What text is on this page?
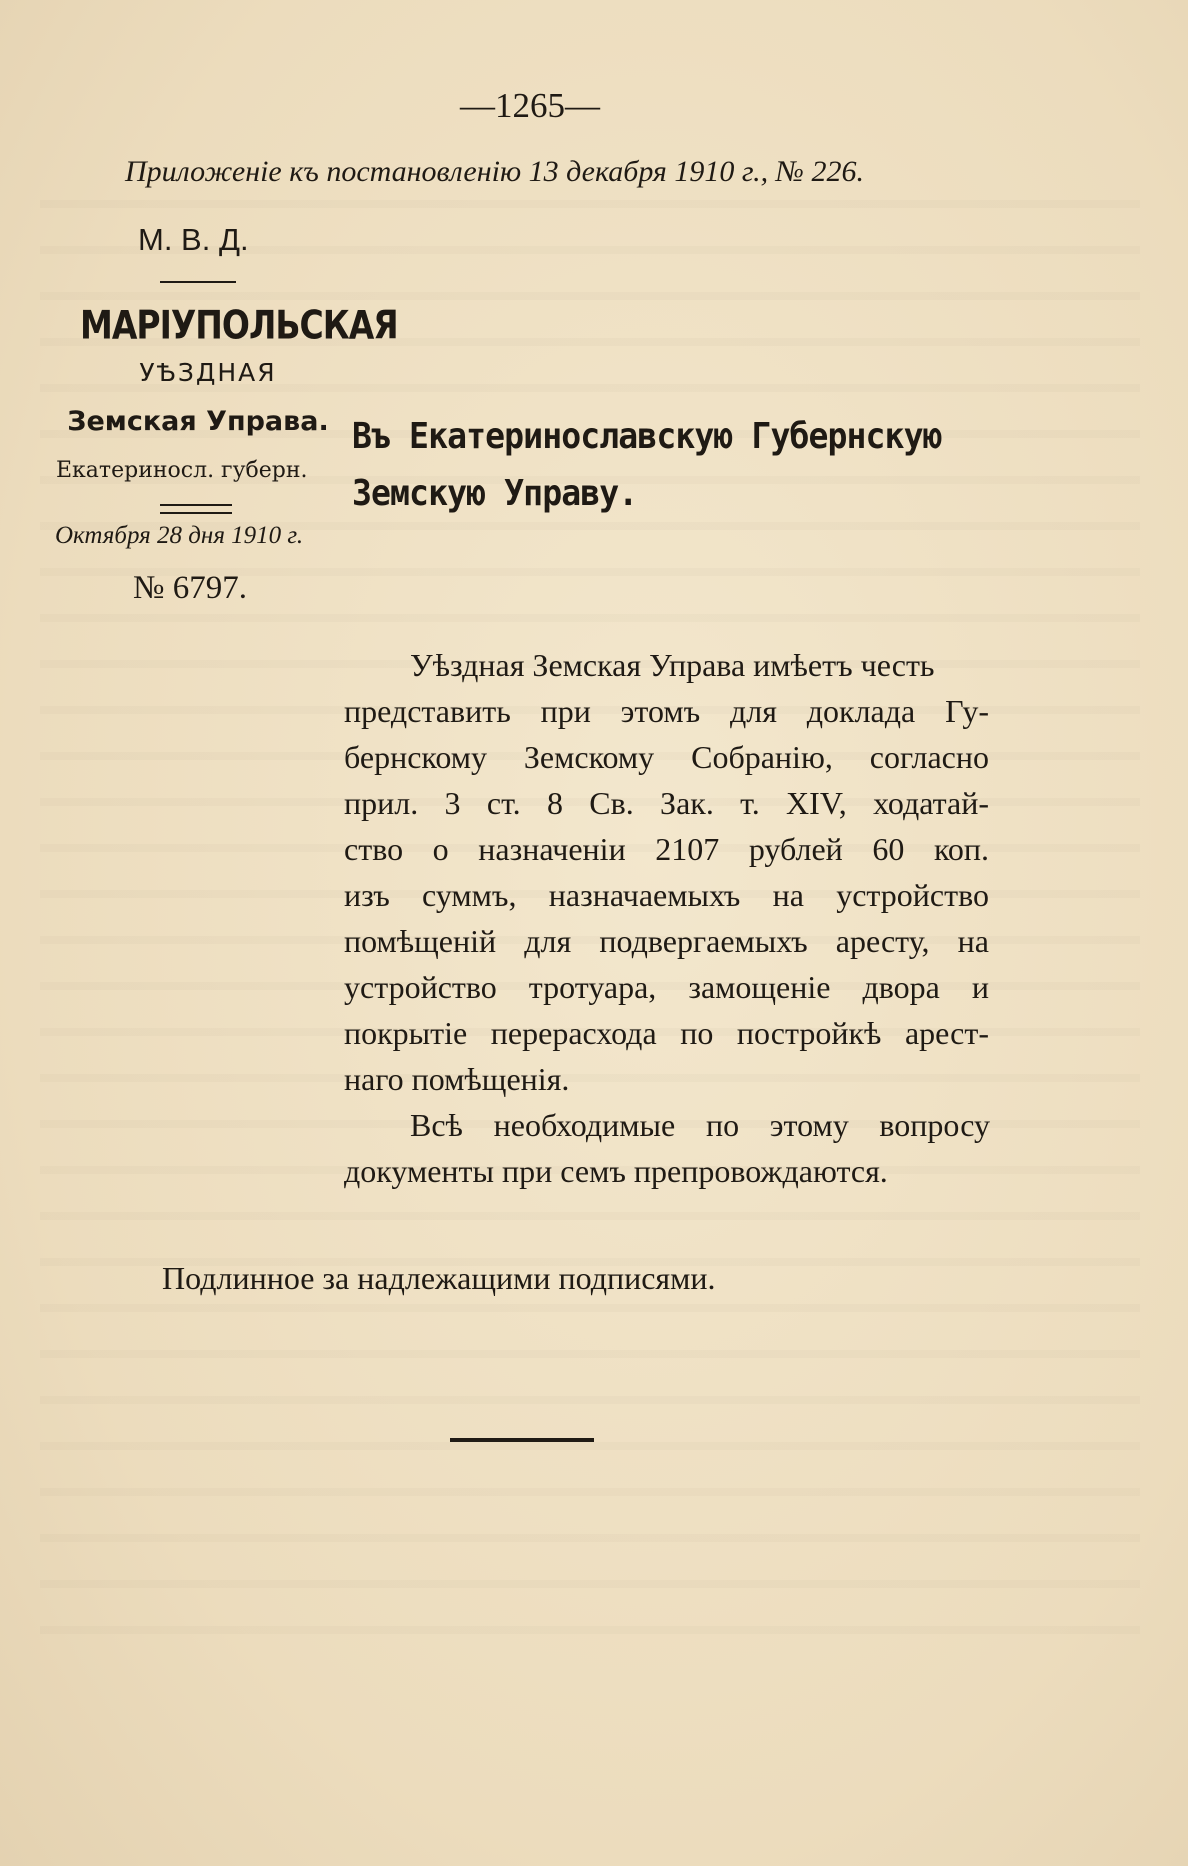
—1265—
Приложенiе къ постановленiю 13 декабря 1910 г., № 226.
М. В. Д.
МАРIУПОЛЬСКАЯ
УѢЗДНАЯ
Земская Управа.
Екатериносл. губерн.
Октября 28 дня 1910 г.
№ 6797.
Въ Екатеринославскую Губернскую
Земскую Управу.
Уѣздная Земская Управа имѣетъ честь
представить при этомъ для доклада Гу-
бернскому Земскому Собранiю, согласно
прил. 3 ст. 8 Св. Зак. т. XIV, ходатай-
ство о назначенiи 2107 рублей 60 коп.
изъ суммъ, назначаемыхъ на устройство
помѣщенiй для подвергаемыхъ аресту, на
устройство тротуара, замощенiе двора и
покрытiе перерасхода по постройкѣ арест-
наго помѣщенiя.
Всѣ необходимые по этому вопросу
документы при семъ препровождаются.
Подлинное за надлежащими подписями.
